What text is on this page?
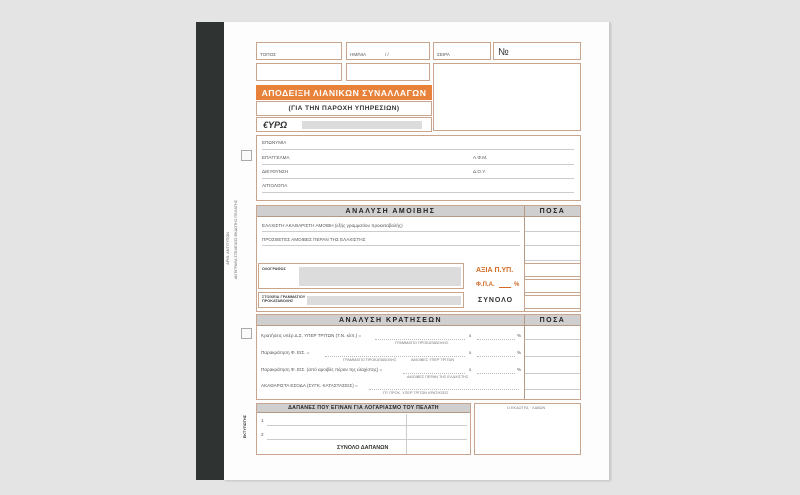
ΑΡΙΘ. ΑΝΤΙΤΥΠΩΝ ΑΝΤΙΓΡΑΦΑ ΣΤΕΛΕΧΟΣ ΕΚΔΟΤΗΣ ΠΕΛΑΤΗΣ
ΕΚΤΥΠΩΤΗΣ
ΤΟΠΟΣ	ΗΜ/ΝΙΑ	/ /	ΣΕΙΡΑ	№
ΑΠΟΔΕΙΞΗ ΛΙΑΝΙΚΩΝ ΣΥΝΑΛΛΑΓΩΝ
(ΓΙΑ ΤΗΝ ΠΑΡΟΧΗ ΥΠΗΡΕΣΙΩΝ)
€ΥΡΩ
ΕΠΩΝΥΜΙΑ
ΕΠΑΓΓΕΛΜΑ	Α.Φ.Μ.
ΔΙΕΥΘΥΝΣΗ	Δ.Ο.Υ.
ΑΙΤΙΟΛΟΓΙΑ
ΑΝΑΛΥΣΗ ΑΜΟΙΒΗΣ	ΠΟΣΑ
ΕΛΑΧΙΣΤΗ ΑΚΑΘΑΡΙΣΤΗ ΑΜΟΙΒΗ (εξής γραμματίου προκαταβολής)
ΠΡΟΣΘΕΤΕΣ ΑΜΟΙΒΕΣ ΠΕΡΑΝ ΤΗΣ ΕΛΑΧΙΣΤΗΣ
ΟΛΟΓΡΑΦΩΣ
ΣΤΟΙΧΕΙΑ ΓΡΑΜΜΑΤΙΟΥ ΠΡΟΚΑΤΑΒΟΛΗΣ
ΑΞΙΑ Π.ΥΠ.
Φ.Π.Α.	%
ΣΥΝΟΛΟ
ΑΝΑΛΥΣΗ ΚΡΑΤΗΣΕΩΝ	ΠΟΣΑ
Κρατήσεις υπέρ Δ.Σ. ΥΠΕΡ ΤΡΙΤΩΝ (Τ.Ν. κλπ.) =	x	%
ΓΡΑΜΜΑΤΙΟ ΠΡΟΚΑΤΑΒΟΛΗΣ
Παρακράτηση Φ. ΕΙΣ. =	x	%
ΓΡΑΜΜΑΤΙΟ ΠΡΟΚΑΤΑΒΟΛΗΣ	ΑΜΟΙΒΕΣ ΥΠΕΡ ΤΡΙΤΩΝ
Παρακράτηση Φ. ΕΙΣ. (από αμοιβές πέραν της ελαχίστης) =	x	%
ΑΜΟΙΒΕΣ ΠΕΡΑΝ ΤΗΣ ΕΛΑΧΙΣΤΗΣ
ΑΚΑΘΑΡΙΣΤΑ ΕΣΟΔΑ (ΣΥΓΚ. ΚΑΤΑΣΤΑΣΕΙΣ) =
ΓΡ. ΠΡΟΚ. ΥΠΕΡ ΤΡΙΤΩΝ ΚΡΑΤΗΣΕΙΣ
ΔΑΠΑΝΕΣ ΠΟΥ ΕΓΙΝΑΝ ΓΙΑ ΛΟΓΑΡΙΑΣΜΟ ΤΟΥ ΠΕΛΑΤΗ
1
2
ΣΥΝΟΛΟ ΔΑΠΑΝΩΝ
Ο ΕΚΔΟΤΗΣ · ΛΑΒΩΝ
